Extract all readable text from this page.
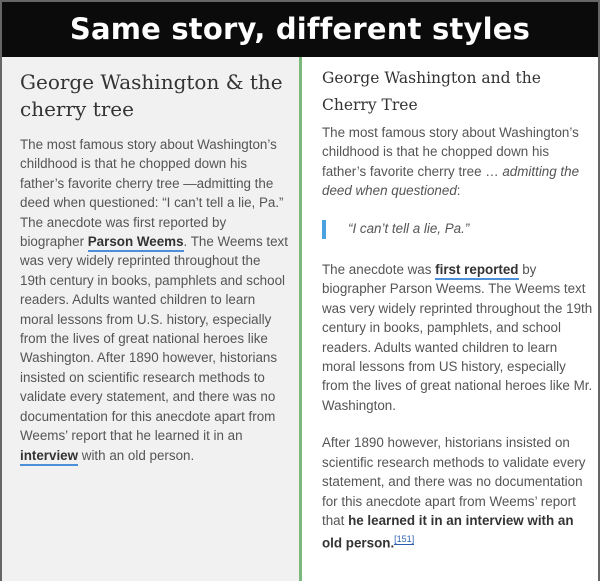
Same story, different styles
George Washington & the cherry tree
The most famous story about Washington’s childhood is that he chopped down his father’s favorite cherry tree —admitting the deed when questioned: “I can’t tell a lie, Pa.” The anecdote was first reported by biographer Parson Weems. The Weems text was very widely reprinted throughout the 19th century in books, pamphlets and school readers. Adults wanted children to learn moral lessons from U.S. history, especially from the lives of great national heroes like Washington. After 1890 however, historians insisted on scientific research methods to validate every statement, and there was no documentation for this anecdote apart from Weems’ report that he learned it in an interview with an old person.
George Washington and the Cherry Tree

The most famous story about Washington’s childhood is that he chopped down his father’s favorite cherry tree … admitting the deed when questioned:

“I can’t tell a lie, Pa.”

The anecdote was first reported by biographer Parson Weems. The Weems text was very widely reprinted throughout the 19th century in books, pamphlets, and school readers. Adults wanted children to learn moral lessons from US history, especially from the lives of great national heroes like Mr. Washington.

After 1890 however, historians insisted on scientific research methods to validate every statement, and there was no documentation for this anecdote apart from Weems’ report that he learned it in an interview with an old person.[151]
